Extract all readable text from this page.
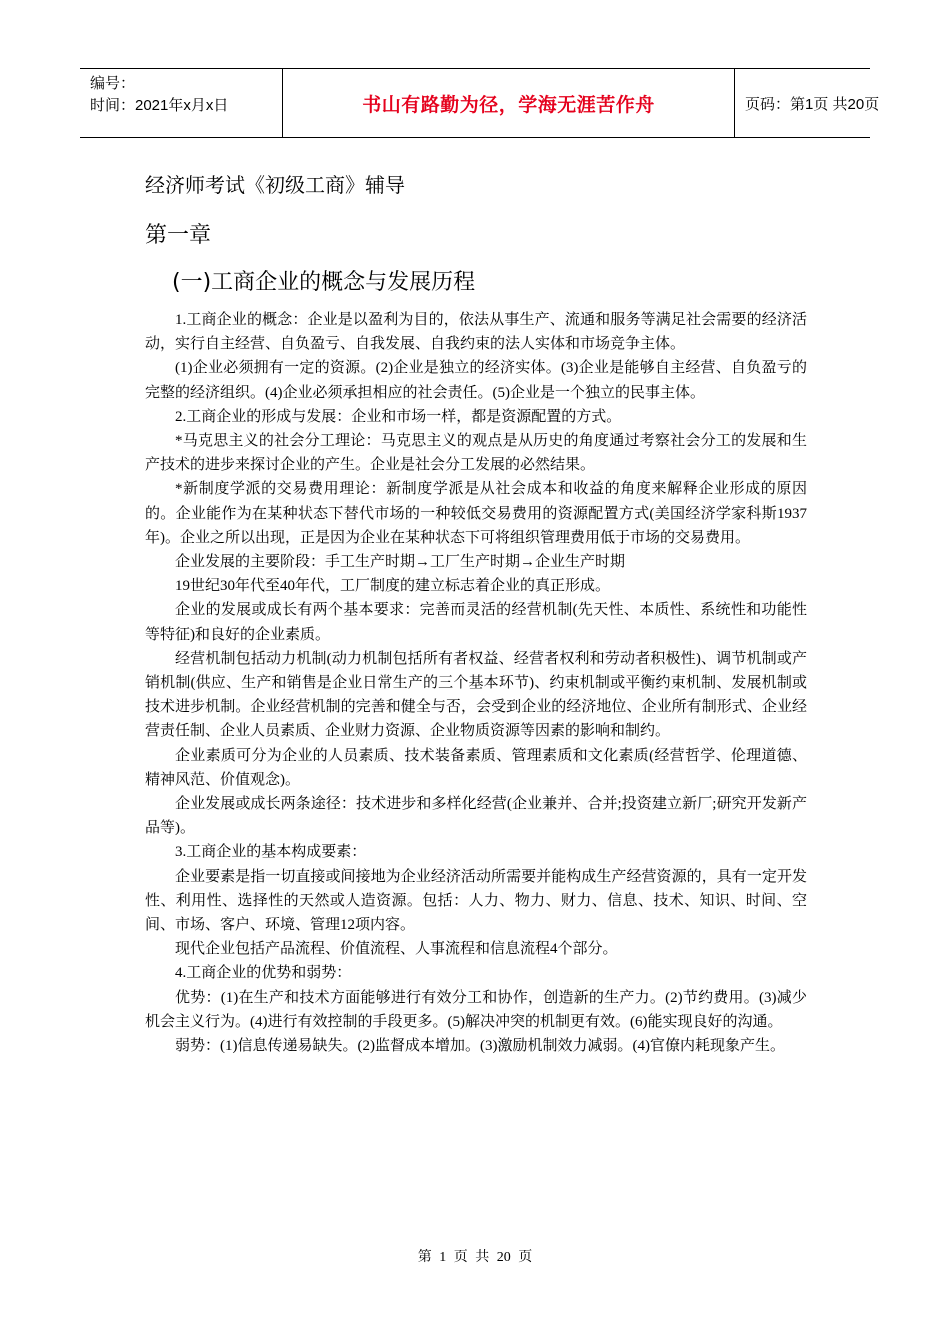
编号：
时间：2021年x月x日	书山有路勤为径，学海无涯苦作舟	页码：第1页 共20页
经济师考试《初级工商》辅导
第一章
(一)工商企业的概念与发展历程

1.工商企业的概念：企业是以盈利为目的，依法从事生产、流通和服务等满足社会需要的经济活动，实行自主经营、自负盈亏、自我发展、自我约束的法人实体和市场竞争主体。

(1)企业必须拥有一定的资源。(2)企业是独立的经济实体。(3)企业是能够自主经营、自负盈亏的完整的经济组织。(4)企业必须承担相应的社会责任。(5)企业是一个独立的民事主体。

2.工商企业的形成与发展：企业和市场一样，都是资源配置的方式。

*马克思主义的社会分工理论：马克思主义的观点是从历史的角度通过考察社会分工的发展和生产技术的进步来探讨企业的产生。企业是社会分工发展的必然结果。

*新制度学派的交易费用理论：新制度学派是从社会成本和收益的角度来解释企业形成的原因的。企业能作为在某种状态下替代市场的一种较低交易费用的资源配置方式(美国经济学家科斯1937年)。企业之所以出现，正是因为企业在某种状态下可将组织管理费用低于市场的交易费用。

企业发展的主要阶段：手工生产时期→工厂生产时期→企业生产时期

19世纪30年代至40年代，工厂制度的建立标志着企业的真正形成。

企业的发展或成长有两个基本要求：完善而灵活的经营机制(先天性、本质性、系统性和功能性等特征)和良好的企业素质。

经营机制包括动力机制(动力机制包括所有者权益、经营者权利和劳动者积极性)、调节机制或产销机制(供应、生产和销售是企业日常生产的三个基本环节)、约束机制或平衡约束机制、发展机制或技术进步机制。企业经营机制的完善和健全与否，会受到企业的经济地位、企业所有制形式、企业经营责任制、企业人员素质、企业财力资源、企业物质资源等因素的影响和制约。

企业素质可分为企业的人员素质、技术装备素质、管理素质和文化素质(经营哲学、伦理道德、精神风范、价值观念)。

企业发展或成长两条途径：技术进步和多样化经营(企业兼并、合并;投资建立新厂;研究开发新产品等)。

3.工商企业的基本构成要素：

企业要素是指一切直接或间接地为企业经济活动所需要并能构成生产经营资源的，具有一定开发性、利用性、选择性的天然或人造资源。包括：人力、物力、财力、信息、技术、知识、时间、空间、市场、客户、环境、管理12项内容。

现代企业包括产品流程、价值流程、人事流程和信息流程4个部分。

4.工商企业的优势和弱势：

优势：(1)在生产和技术方面能够进行有效分工和协作，创造新的生产力。(2)节约费用。(3)减少机会主义行为。(4)进行有效控制的手段更多。(5)解决冲突的机制更有效。(6)能实现良好的沟通。

弱势：(1)信息传递易缺失。(2)监督成本增加。(3)激励机制效力减弱。(4)官僚内耗现象产生。

第 1 页 共 20 页
